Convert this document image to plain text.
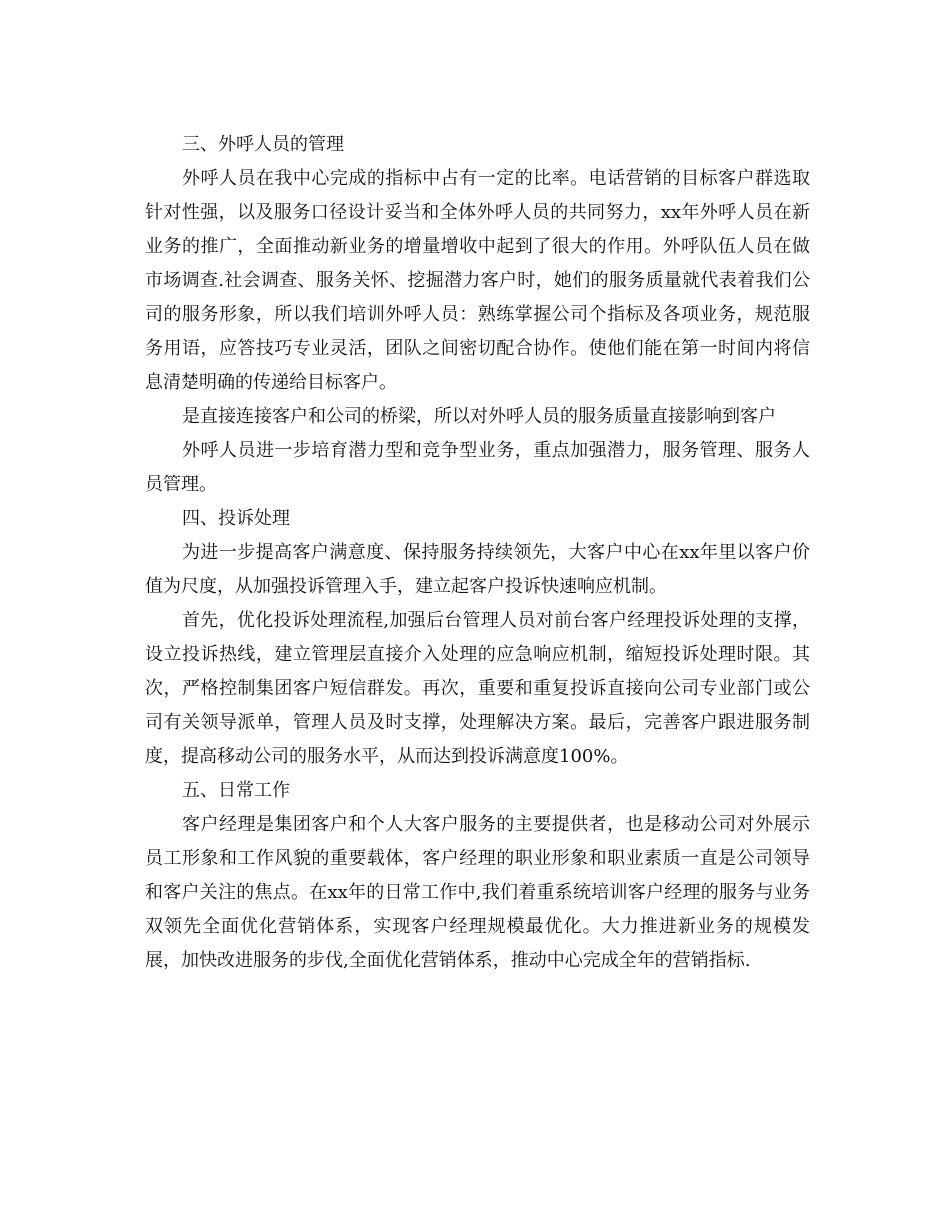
三、外呼人员的管理

外呼人员在我中心完成的指标中占有一定的比率。电话营销的目标客户群选取针对性强，以及服务口径设计妥当和全体外呼人员的共同努力，xx年外呼人员在新业务的推广，全面推动新业务的增量增收中起到了很大的作用。外呼队伍人员在做市场调查.社会调查、服务关怀、挖掘潜力客户时，她们的服务质量就代表着我们公司的服务形象，所以我们培训外呼人员：熟练掌握公司个指标及各项业务，规范服务用语，应答技巧专业灵活，团队之间密切配合协作。使他们能在第一时间内将信息清楚明确的传递给目标客户。

是直接连接客户和公司的桥梁，所以对外呼人员的服务质量直接影响到客户

外呼人员进一步培育潜力型和竞争型业务，重点加强潜力，服务管理、服务人员管理。

四、投诉处理

为进一步提高客户满意度、保持服务持续领先，大客户中心在xx年里以客户价值为尺度，从加强投诉管理入手，建立起客户投诉快速响应机制。

首先，优化投诉处理流程,加强后台管理人员对前台客户经理投诉处理的支撑，设立投诉热线，建立管理层直接介入处理的应急响应机制，缩短投诉处理时限。其次，严格控制集团客户短信群发。再次，重要和重复投诉直接向公司专业部门或公司有关领导派单，管理人员及时支撑，处理解决方案。最后，完善客户跟进服务制度，提高移动公司的服务水平，从而达到投诉满意度100%。

五、日常工作

客户经理是集团客户和个人大客户服务的主要提供者，也是移动公司对外展示员工形象和工作风貌的重要载体，客户经理的职业形象和职业素质一直是公司领导和客户关注的焦点。在xx年的日常工作中,我们着重系统培训客户经理的服务与业务双领先全面优化营销体系，实现客户经理规模最优化。大力推进新业务的规模发展，加快改进服务的步伐,全面优化营销体系，推动中心完成全年的营销指标.
